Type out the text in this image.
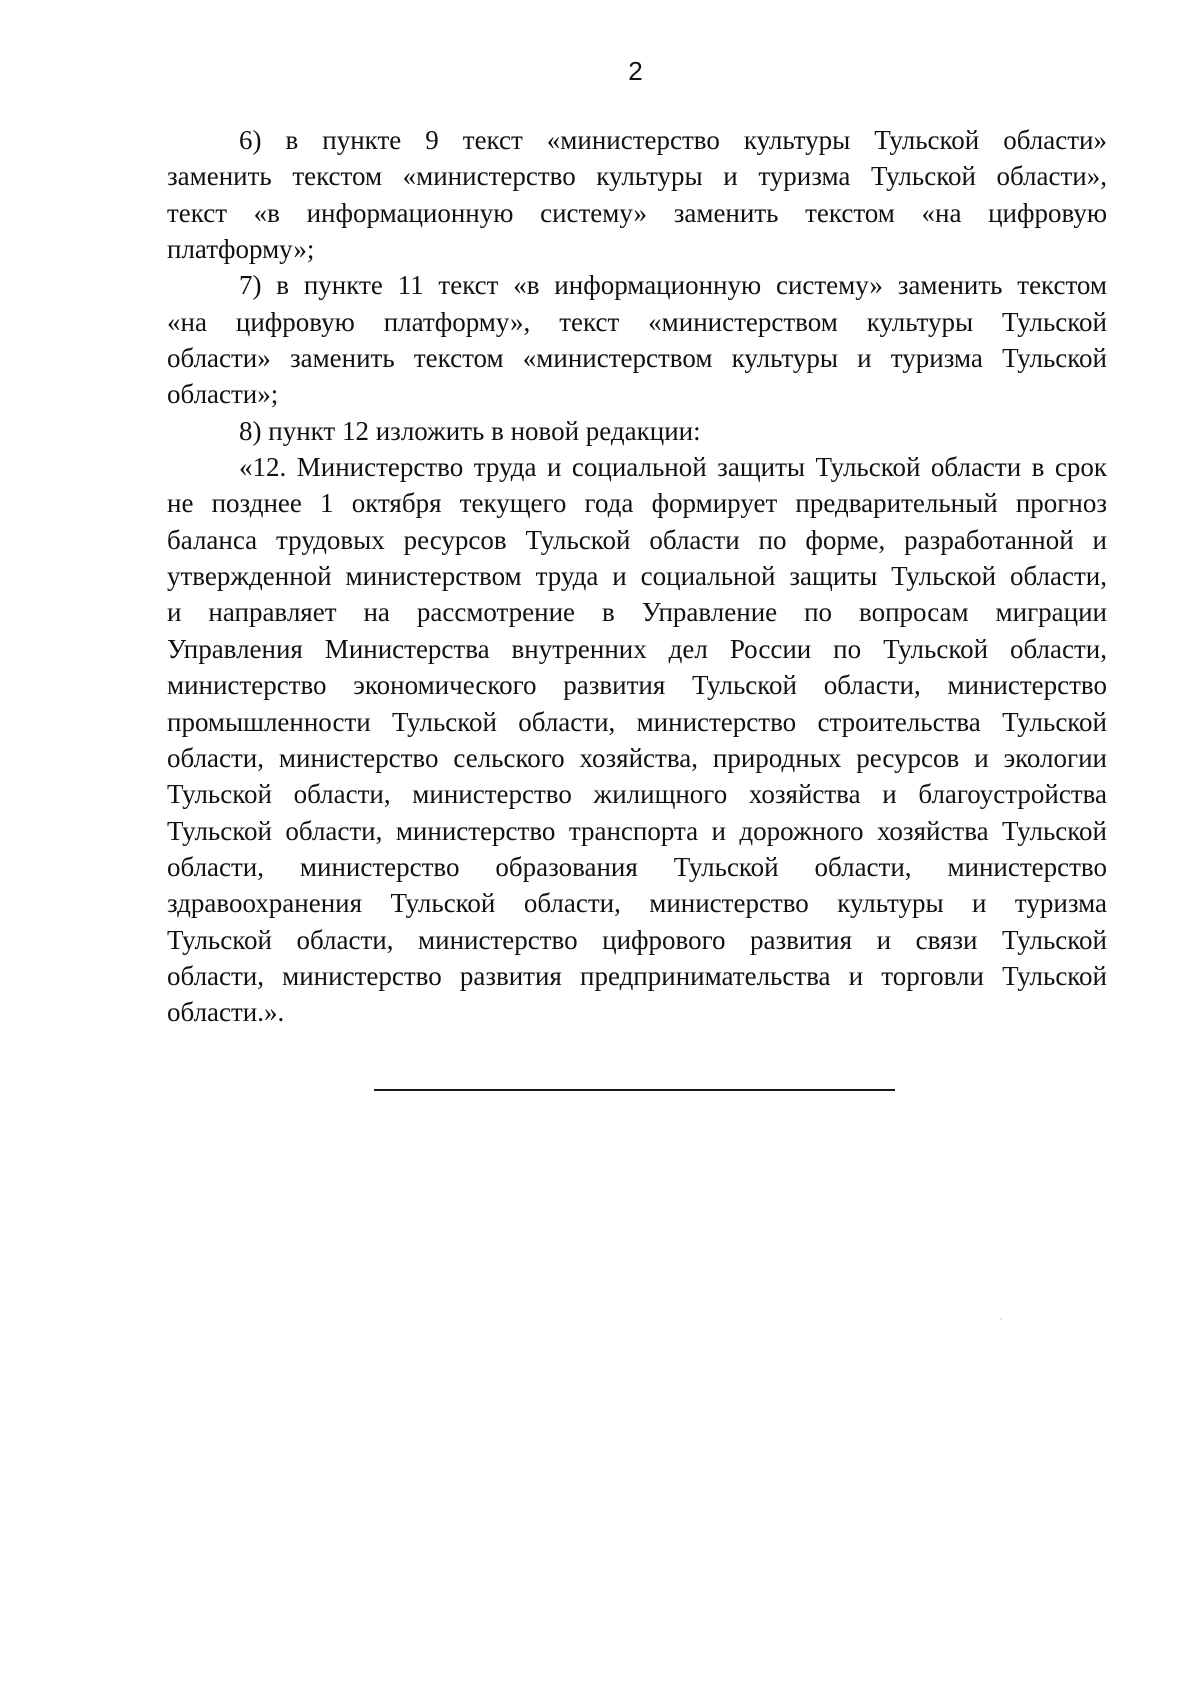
2
6) в пункте 9 текст «министерство культуры Тульской области»
заменить текстом «министерство культуры и туризма Тульской области»,
текст «в информационную систему» заменить текстом «на цифровую
платформу»;
7) в пункте 11 текст «в информационную систему» заменить текстом
«на цифровую платформу», текст «министерством культуры Тульской
области» заменить текстом «министерством культуры и туризма Тульской
области»;
8) пункт 12 изложить в новой редакции:
«12. Министерство труда и социальной защиты Тульской области в срок
не позднее 1 октября текущего года формирует предварительный прогноз
баланса трудовых ресурсов Тульской области по форме, разработанной и
утвержденной министерством труда и социальной защиты Тульской области,
и направляет на рассмотрение в Управление по вопросам миграции
Управления Министерства внутренних дел России по Тульской области,
министерство экономического развития Тульской области, министерство
промышленности Тульской области, министерство строительства Тульской
области, министерство сельского хозяйства, природных ресурсов и экологии
Тульской области, министерство жилищного хозяйства и благоустройства
Тульской области, министерство транспорта и дорожного хозяйства Тульской
области, министерство образования Тульской области, министерство
здравоохранения Тульской области, министерство культуры и туризма
Тульской области, министерство цифрового развития и связи Тульской
области, министерство развития предпринимательства и торговли Тульской
области.».
